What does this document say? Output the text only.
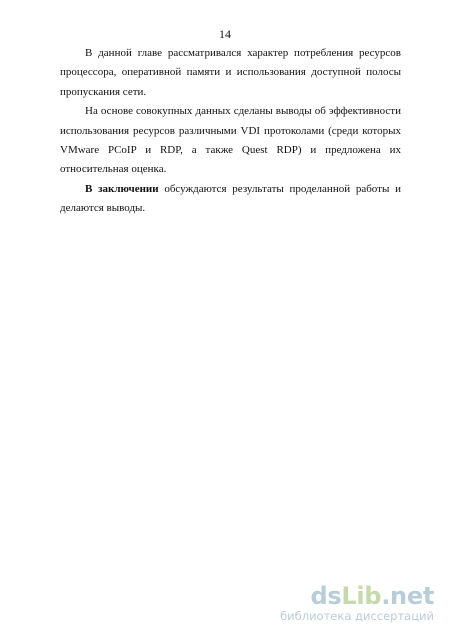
14

В данной главе рассматривался характер потребления ресурсов процессора, оперативной памяти и использования доступной полосы пропускания сети.

На основе совокупных данных сделаны выводы об эффективности использования ресурсов различными VDI протоколами (среди которых VMware PCoIP и RDP, а также Quest RDP) и предложена их относительная оценка.

В заключении обсуждаются результаты проделанной работы и делаются выводы.

dsLib.net
библиотека диссертаций
